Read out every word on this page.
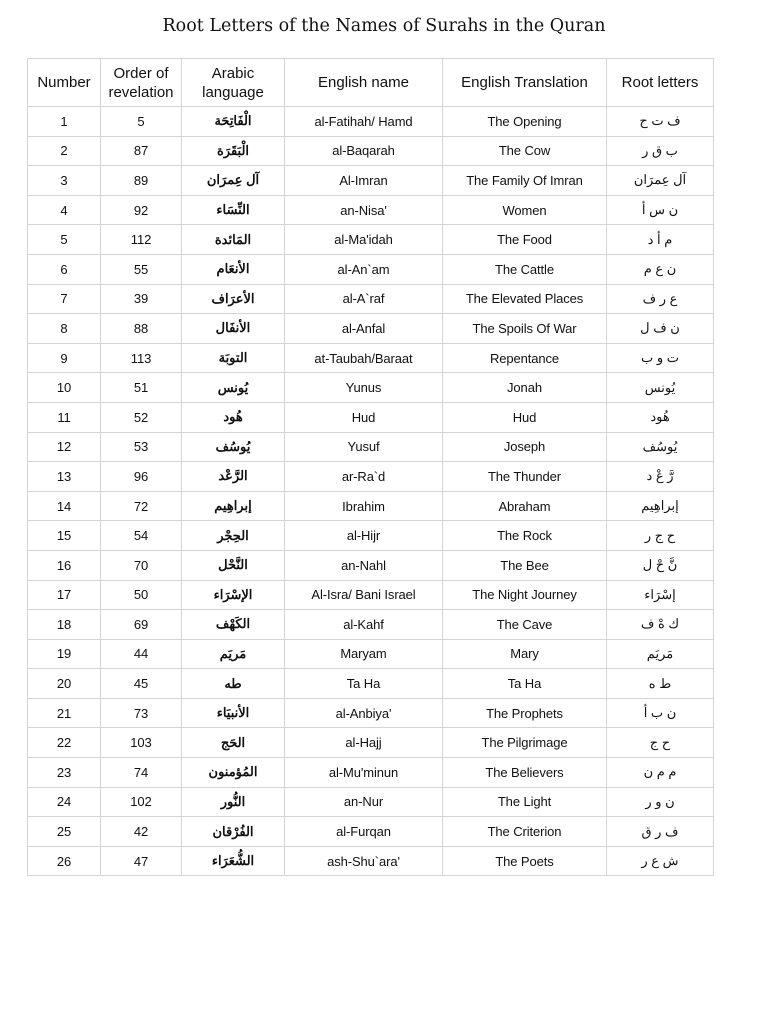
Root Letters of the Names of Surahs in the Quran
Number	Order of revelation	Arabic language	English name	English Translation	Root letters
1	5	الْفَاتِحَة	al-Fatihah/ Hamd	The Opening	ف ت ح
2	87	الْبَقَرَة	al-Baqarah	The Cow	ب ق ر
3	89	آل عِمرَان	Al-Imran	The Family Of Imran	آل عِمرَان
4	92	النِّسَاء	an-Nisa'	Women	ن س أ
5	112	المَائدة	al-Ma'idah	The Food	م أ د
6	55	الأنعَام	al-An`am	The Cattle	ن ع م
7	39	الأعرَاف	al-A`raf	The Elevated Places	ع ر ف
8	88	الأنفَال	al-Anfal	The Spoils Of War	ن ف ل
9	113	التوبَة	at-Taubah/Baraat	Repentance	ت و ب
10	51	يُونس	Yunus	Jonah	يُونس
11	52	هُود	Hud	Hud	هُود
12	53	يُوسُف	Yusuf	Joseph	يُوسُف
13	96	الرَّعْد	ar-Ra`d	The Thunder	رَّ عْ د
14	72	إبراهِيم	Ibrahim	Abraham	إبراهِيم
15	54	الحِجْر	al-Hijr	The Rock	ح ج ر
16	70	النَّحْل	an-Nahl	The Bee	نَّ حْ ل
17	50	الإسْرَاء	Al-Isra/ Bani Israel	The Night Journey	إسْرَاء
18	69	الكَهْف	al-Kahf	The Cave	ك هْ ف
19	44	مَريَم	Maryam	Mary	مَريَم
20	45	طه	Ta Ha	Ta Ha	ط ه
21	73	الأنبيَاء	al-Anbiya'	The Prophets	ن ب أ
22	103	الحَج	al-Hajj	The Pilgrimage	ح ج
23	74	المُؤمنون	al-Mu'minun	The Believers	م م ن
24	102	النُّور	an-Nur	The Light	ن و ر
25	42	الفُرْقان	al-Furqan	The Criterion	ف ر ق
26	47	الشُّعَرَاء	ash-Shu`ara'	The Poets	ش ع ر
